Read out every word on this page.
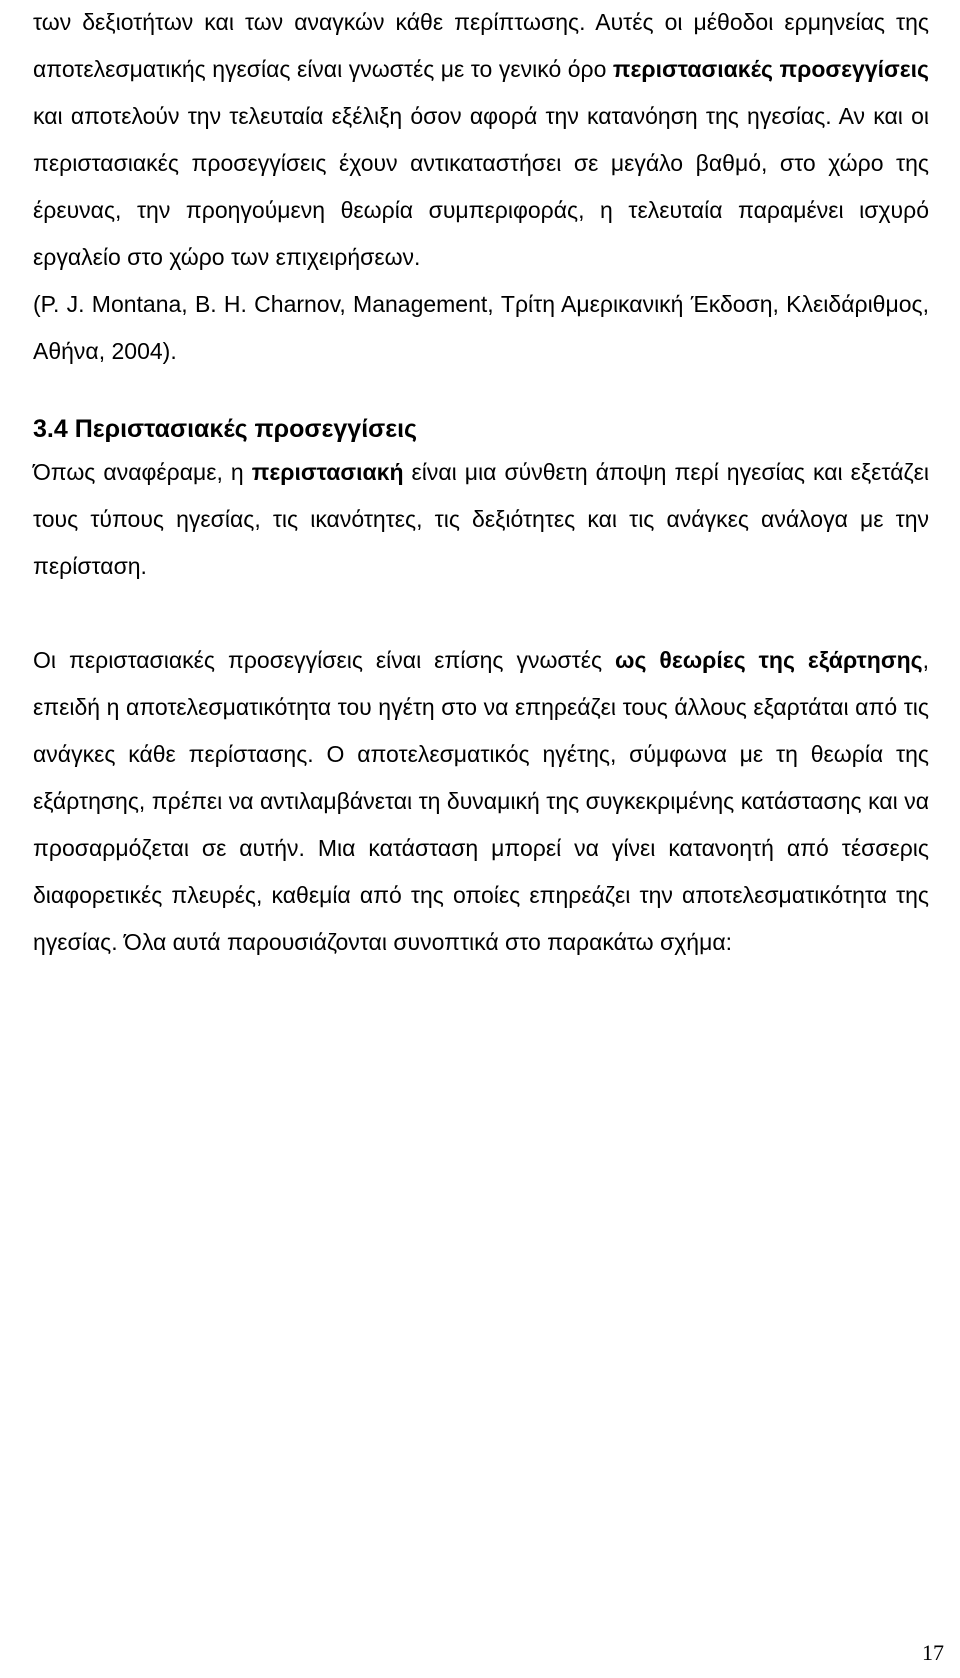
των δεξιοτήτων και των αναγκών κάθε περίπτωσης. Αυτές οι μέθοδοι ερμηνείας της αποτελεσματικής ηγεσίας είναι γνωστές με το γενικό όρο περιστασιακές προσεγγίσεις και αποτελούν την τελευταία εξέλιξη όσον αφορά την κατανόηση της ηγεσίας. Αν και οι περιστασιακές προσεγγίσεις έχουν αντικαταστήσει σε μεγάλο βαθμό, στο χώρο της έρευνας, την προηγούμενη θεωρία συμπεριφοράς, η τελευταία παραμένει ισχυρό εργαλείο στο χώρο των επιχειρήσεων.

(P. J. Montana, B. H. Charnov, Management, Τρίτη Αμερικανική Έκδοση, Κλειδάριθμος, Αθήνα, 2004).

3.4 Περιστασιακές προσεγγίσεις

Όπως αναφέραμε, η περιστασιακή είναι μια σύνθετη άποψη περί ηγεσίας και εξετάζει τους τύπους ηγεσίας, τις ικανότητες, τις δεξιότητες και τις ανάγκες ανάλογα με την περίσταση.

Οι περιστασιακές προσεγγίσεις είναι επίσης γνωστές ως θεωρίες της εξάρτησης, επειδή η αποτελεσματικότητα του ηγέτη στο να επηρεάζει τους άλλους εξαρτάται από τις ανάγκες κάθε περίστασης. Ο αποτελεσματικός ηγέτης, σύμφωνα με τη θεωρία της εξάρτησης, πρέπει να αντιλαμβάνεται τη δυναμική της συγκεκριμένης κατάστασης και να προσαρμόζεται σε αυτήν. Μια κατάσταση μπορεί να γίνει κατανοητή από τέσσερις διαφορετικές πλευρές, καθεμία από της οποίες επηρεάζει την αποτελεσματικότητα της ηγεσίας. Όλα αυτά παρουσιάζονται συνοπτικά στο παρακάτω σχήμα:

17
